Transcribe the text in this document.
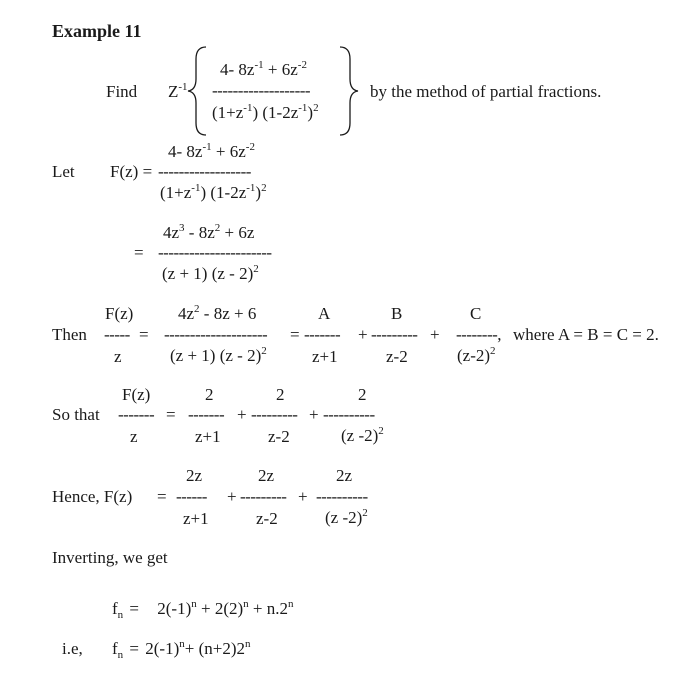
Example 11
Find $Z^{-1}$
4- $8z^{-1} + 6z^{-2}$
-------------------
$(1+z^{-1})$ $(1-2z^{-1})^2$
by the method of partial fractions.
4- $8z^{-1} + 6z^{-2}$
Let F(z) = ------------------
$(1+z^{-1})$ $(1-2z^{-1})^2$
$4z^3 - 8z^2 + 6z$
= ----------------------
(z + 1) (z - 2)$^2$
F(z)	$4z^2 - 8z + 6$	A	B	C
Then ----- = -------------------- = ------- + --------- + --------, where A = B = C = 2.
z	(z + 1) (z - 2)$^2$	z+1	z-2	$(z-2)^2$
F(z)	2	2	2
So that ------- = ------- + --------- + ----------
z	z+1	z-2	(z -2)$^2$
2z	2z	2z
Hence, F(z) = ------ + --------- + ----------
z+1	z-2	(z -2)$^2$
Inverting, we get
$f_n = 2(-1)^n + 2(2)^n + n.2^n$
i.e, $f_n = 2(-1)^n+ (n+2)2^n$
